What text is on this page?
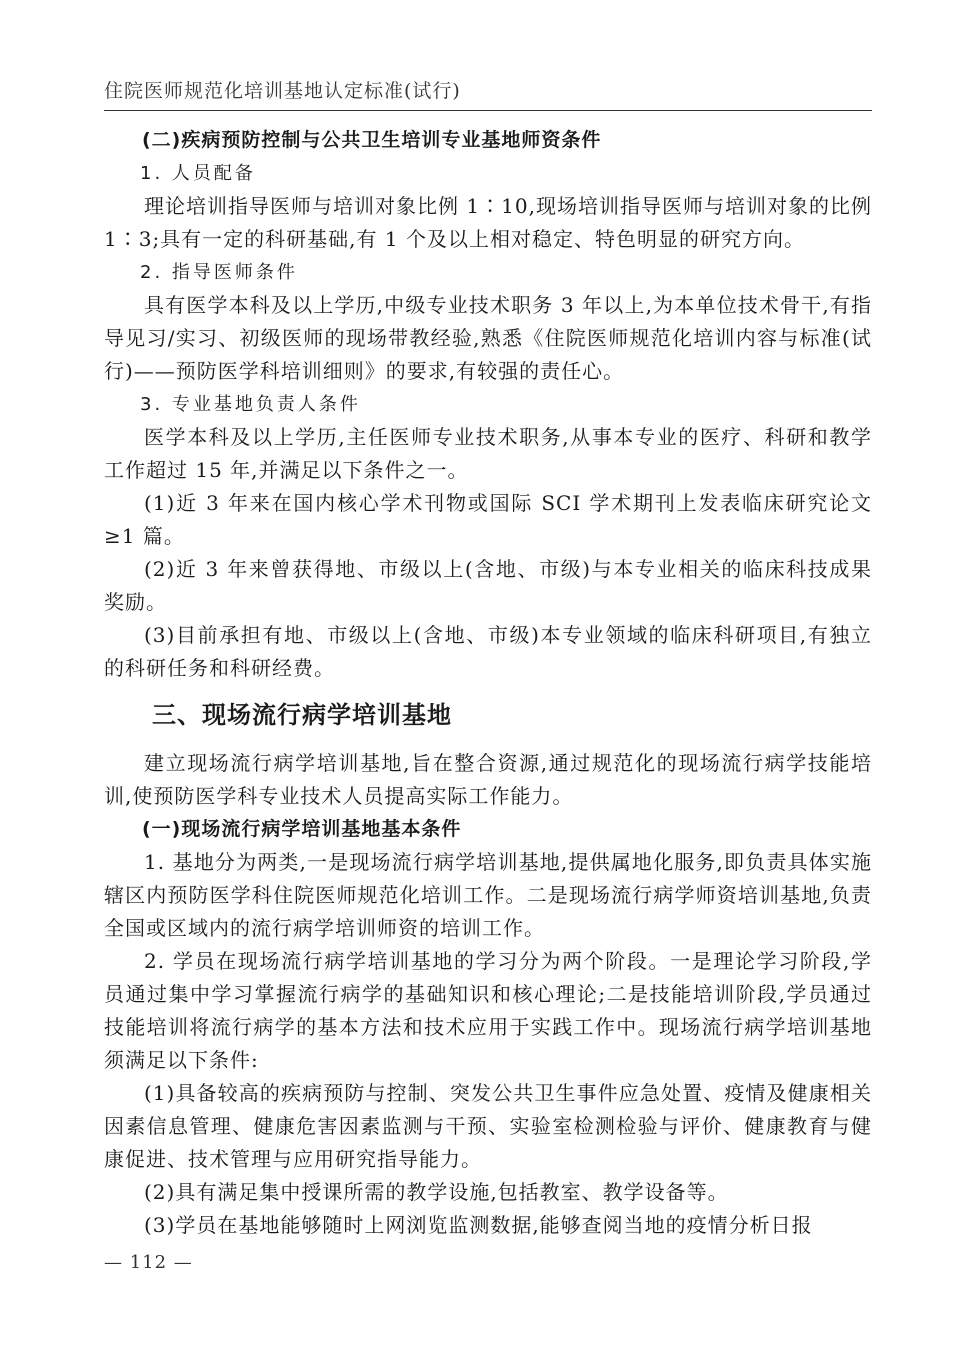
住院医师规范化培训基地认定标准(试行)

(二)疾病预防控制与公共卫生培训专业基地师资条件

1. 人员配备

理论培训指导医师与培训对象比例 1∶10,现场培训指导医师与培训对象的比例 1∶3;具有一定的科研基础,有 1 个及以上相对稳定、特色明显的研究方向。

2. 指导医师条件

具有医学本科及以上学历,中级专业技术职务 3 年以上,为本单位技术骨干,有指导见习/实习、初级医师的现场带教经验,熟悉《住院医师规范化培训内容与标准(试行)——预防医学科培训细则》的要求,有较强的责任心。

3. 专业基地负责人条件

医学本科及以上学历,主任医师专业技术职务,从事本专业的医疗、科研和教学工作超过 15 年,并满足以下条件之一。

(1)近 3 年来在国内核心学术刊物或国际 SCI 学术期刊上发表临床研究论文≥1 篇。

(2)近 3 年来曾获得地、市级以上(含地、市级)与本专业相关的临床科技成果奖励。

(3)目前承担有地、市级以上(含地、市级)本专业领域的临床科研项目,有独立的科研任务和科研经费。

三、现场流行病学培训基地

建立现场流行病学培训基地,旨在整合资源,通过规范化的现场流行病学技能培训,使预防医学科专业技术人员提高实际工作能力。

(一)现场流行病学培训基地基本条件

1. 基地分为两类,一是现场流行病学培训基地,提供属地化服务,即负责具体实施辖区内预防医学科住院医师规范化培训工作。二是现场流行病学师资培训基地,负责全国或区域内的流行病学培训师资的培训工作。

2. 学员在现场流行病学培训基地的学习分为两个阶段。一是理论学习阶段,学员通过集中学习掌握流行病学的基础知识和核心理论;二是技能培训阶段,学员通过技能培训将流行病学的基本方法和技术应用于实践工作中。现场流行病学培训基地须满足以下条件:

(1)具备较高的疾病预防与控制、突发公共卫生事件应急处置、疫情及健康相关因素信息管理、健康危害因素监测与干预、实验室检测检验与评价、健康教育与健康促进、技术管理与应用研究指导能力。

(2)具有满足集中授课所需的教学设施,包括教室、教学设备等。

(3)学员在基地能够随时上网浏览监测数据,能够查阅当地的疫情分析日报

— 112 —
